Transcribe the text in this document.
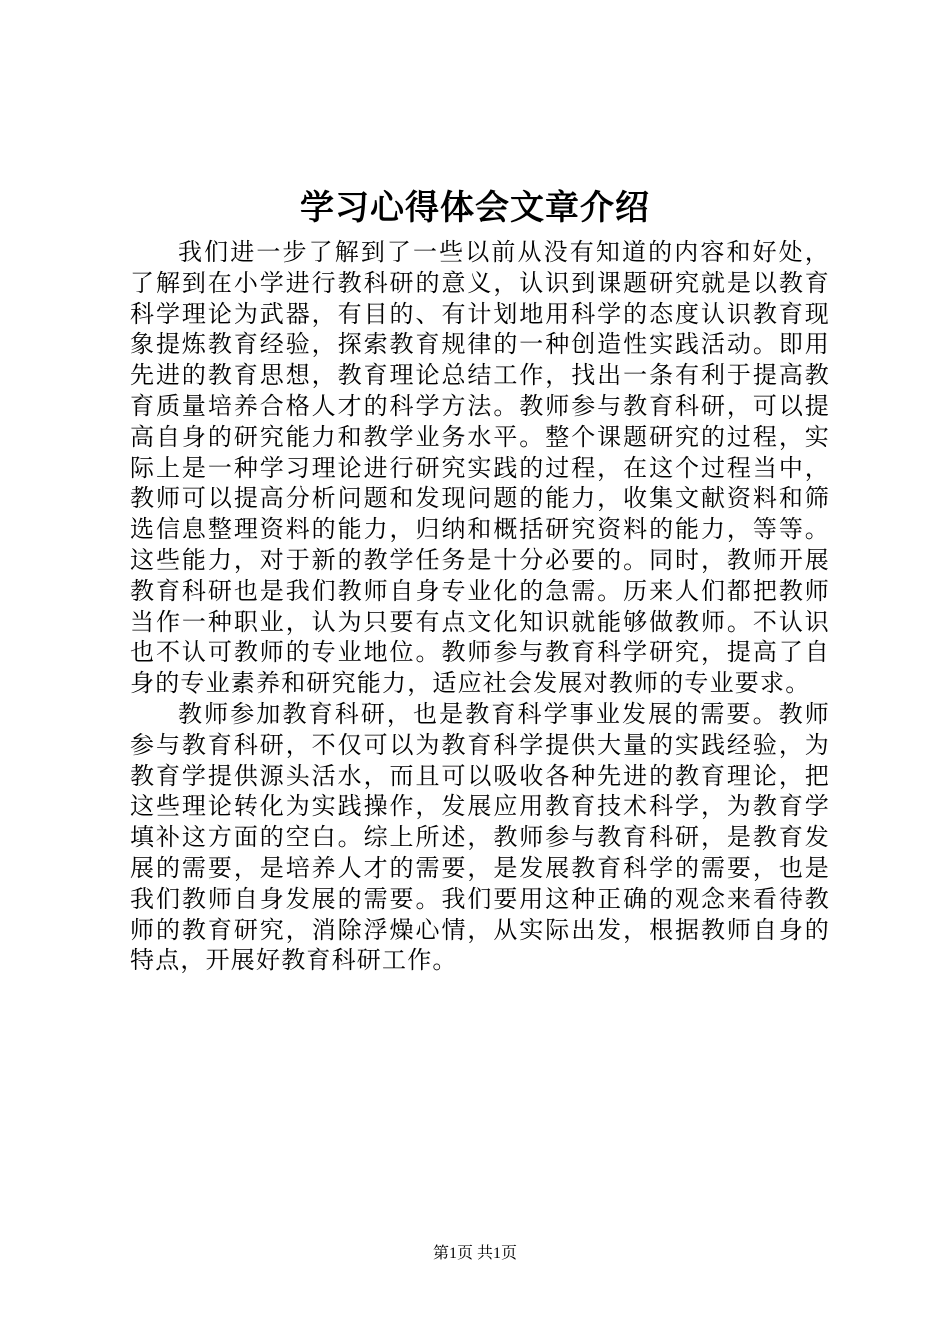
学习心得体会文章介绍

我们进一步了解到了一些以前从没有知道的内容和好处，了解到在小学进行教科研的意义，认识到课题研究就是以教育科学理论为武器，有目的、有计划地用科学的态度认识教育现象提炼教育经验，探索教育规律的一种创造性实践活动。即用先进的教育思想，教育理论总结工作，找出一条有利于提高教育质量培养合格人才的科学方法。教师参与教育科研，可以提高自身的研究能力和教学业务水平。整个课题研究的过程，实际上是一种学习理论进行研究实践的过程，在这个过程当中，教师可以提高分析问题和发现问题的能力，收集文献资料和筛选信息整理资料的能力，归纳和概括研究资料的能力，等等。这些能力，对于新的教学任务是十分必要的。同时，教师开展教育科研也是我们教师自身专业化的急需。历来人们都把教师当作一种职业，认为只要有点文化知识就能够做教师。不认识也不认可教师的专业地位。教师参与教育科学研究，提高了自身的专业素养和研究能力，适应社会发展对教师的专业要求。

教师参加教育科研，也是教育科学事业发展的需要。教师参与教育科研，不仅可以为教育科学提供大量的实践经验，为教育学提供源头活水，而且可以吸收各种先进的教育理论，把这些理论转化为实践操作，发展应用教育技术科学，为教育学填补这方面的空白。综上所述，教师参与教育科研，是教育发展的需要，是培养人才的需要，是发展教育科学的需要，也是我们教师自身发展的需要。我们要用这种正确的观念来看待教师的教育研究，消除浮燥心情，从实际出发，根据教师自身的特点，开展好教育科研工作。

第1页 共1页
